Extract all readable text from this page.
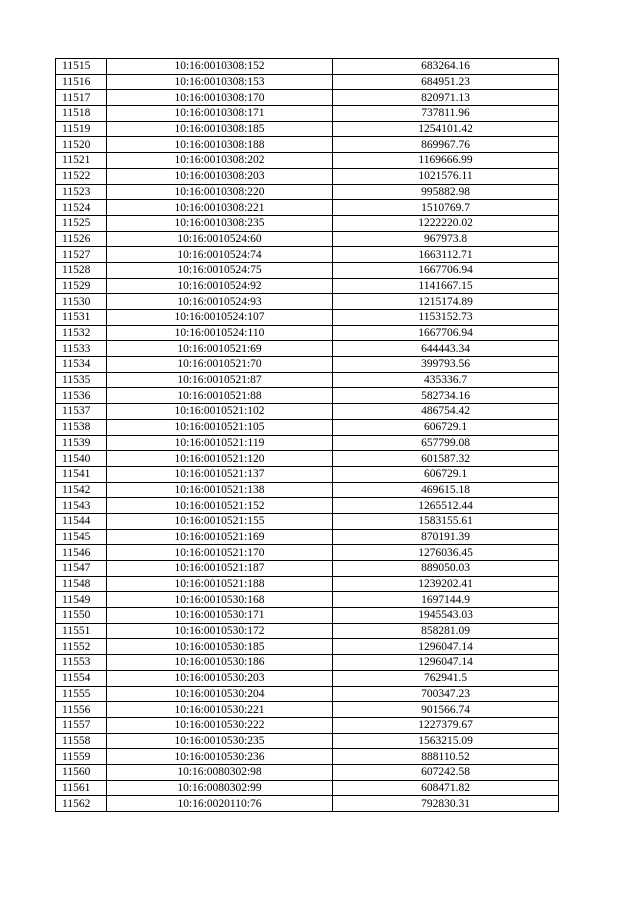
11515	10:16:0010308:152	683264.16
11516	10:16:0010308:153	684951.23
11517	10:16:0010308:170	820971.13
11518	10:16:0010308:171	737811.96
11519	10:16:0010308:185	1254101.42
11520	10:16:0010308:188	869967.76
11521	10:16:0010308:202	1169666.99
11522	10:16:0010308:203	1021576.11
11523	10:16:0010308:220	995882.98
11524	10:16:0010308:221	1510769.7
11525	10:16:0010308:235	1222220.02
11526	10:16:0010524:60	967973.8
11527	10:16:0010524:74	1663112.71
11528	10:16:0010524:75	1667706.94
11529	10:16:0010524:92	1141667.15
11530	10:16:0010524:93	1215174.89
11531	10:16:0010524:107	1153152.73
11532	10:16:0010524:110	1667706.94
11533	10:16:0010521:69	644443.34
11534	10:16:0010521:70	399793.56
11535	10:16:0010521:87	435336.7
11536	10:16:0010521:88	582734.16
11537	10:16:0010521:102	486754.42
11538	10:16:0010521:105	606729.1
11539	10:16:0010521:119	657799.08
11540	10:16:0010521:120	601587.32
11541	10:16:0010521:137	606729.1
11542	10:16:0010521:138	469615.18
11543	10:16:0010521:152	1265512.44
11544	10:16:0010521:155	1583155.61
11545	10:16:0010521:169	870191.39
11546	10:16:0010521:170	1276036.45
11547	10:16:0010521:187	889050.03
11548	10:16:0010521:188	1239202.41
11549	10:16:0010530:168	1697144.9
11550	10:16:0010530:171	1945543.03
11551	10:16:0010530:172	858281.09
11552	10:16:0010530:185	1296047.14
11553	10:16:0010530:186	1296047.14
11554	10:16:0010530:203	762941.5
11555	10:16:0010530:204	700347.23
11556	10:16:0010530:221	901566.74
11557	10:16:0010530:222	1227379.67
11558	10:16:0010530:235	1563215.09
11559	10:16:0010530:236	888110.52
11560	10:16:0080302:98	607242.58
11561	10:16:0080302:99	608471.82
11562	10:16:0020110:76	792830.31
